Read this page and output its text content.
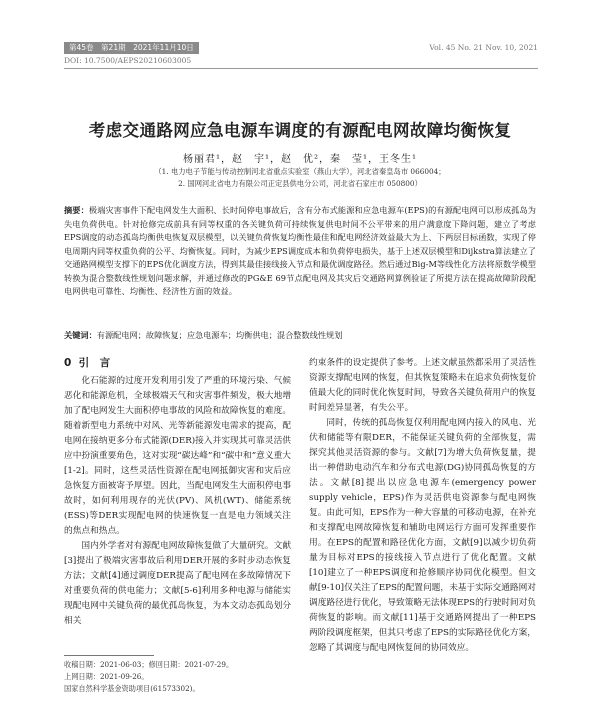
第45卷　第21期　2021年11月10日	Vol. 45 No. 21 Nov. 10, 2021
DOI: 10.7500/AEPS20210603005
考虑交通路网应急电源车调度的有源配电网故障均衡恢复
杨丽君¹，赵　宇¹，赵　优²，秦　莹¹，王冬生¹
（1. 电力电子节能与传动控制河北省重点实验室（燕山大学），河北省秦皇岛市 066004；
2. 国网河北省电力有限公司正定县供电分公司，河北省石家庄市 050800）
摘要：极端灾害事件下配电网发生大面积、长时间停电事故后，含有分布式能源和应急电源车(EPS)的有源配电网可以形成孤岛为失电负荷供电。针对抢修完成前具有同等权重的各关键负荷可持续恢复供电时间不公平带来的用户满意度下降问题，建立了考虑EPS调度的动态孤岛均衡供电恢复双层模型，以关键负荷恢复均衡性最佳和配电网经济效益最大为上、下两层目标函数，实现了停电周期内同等权重负荷的公平、均衡恢复。同时，为减少EPS调度成本和负荷停电损失，基于上述双层模型和Dijkstra算法建立了交通路网模型支撑下的EPS优化调度方法，得到其最佳接线接入节点和最优调度路径。然后通过Big-M等线性化方法将原数学模型转换为混合整数线性规划问题求解，并通过修改的PG&E 69节点配电网及其灾后交通路网算例验证了所提方法在提高故障阶段配电网供电可靠性、均衡性、经济性方面的效益。
关键词：有源配电网；故障恢复；应急电源车；均衡供电；混合整数线性规划
0 引　言

化石能源的过度开发利用引发了严重的环境污染、气候恶化和能源危机，全球极端天气和灾害事件频发，极大地增加了配电网发生大面积停电事故的风险和故障恢复的难度。随着新型电力系统中对风、光等新能源发电需求的提高，配电网在接纳更多分布式能源(DER)接入并实现其可靠灵活供应中扮演重要角色，这对实现“碳达峰”和“碳中和”意义重大[1-2]。同时，这些灵活性资源在配电网抵御灾害和灾后应急恢复方面被寄予厚望。因此，当配电网发生大面积停电事故时，如何利用现存的光伏(PV)、风机(WT)、储能系统(ESS)等DER实现配电网的快速恢复一直是电力领域关注的焦点和热点。

国内外学者对有源配电网故障恢复做了大量研究。文献[3]提出了极端灾害事故后利用DER开展的多时步动态恢复方法；文献[4]通过调度DER提高了配电网在多故障情况下对重要负荷的供电能力；文献[5-6]利用多种电源与储能实现配电网中关键负荷的最优孤岛恢复，为本文动态孤岛划分相关

约束条件的设定提供了参考。上述文献虽然都采用了灵活性资源支撑配电网的恢复，但其恢复策略未在追求负荷恢复价值最大化的同时优化恢复时间，导致各关键负荷用户的恢复时间差异显著，有失公平。

同时，传统的孤岛恢复仅利用配电网内接入的风电、光伏和储能等有限DER，不能保证关键负荷的全部恢复，需探究其他灵活资源的参与。文献[7]为增大负荷恢复量，提出一种借助电动汽车和分布式电源(DG)协同孤岛恢复的方法。文献[8]提出以应急电源车(emergency power supply vehicle，EPS)作为灵活供电资源参与配电网恢复。由此可知，EPS作为一种大容量的可移动电源，在补充和支撑配电网故障恢复和辅助电网运行方面可发挥重要作用。在EPS的配置和路径优化方面，文献[9]以减少切负荷量为目标对EPS的接线接入节点进行了优化配置。文献[10]建立了一种EPS调度和抢修顺序协同优化模型。但文献[9-10]仅关注了EPS的配置问题，未基于实际交通路网对调度路径进行优化，导致策略无法体现EPS的行驶时间对负荷恢复的影响。而文献[11]基于交通路网提出了一种EPS两阶段调度框架，但其只考虑了EPS的实际路径优化方案，忽略了其调度与配电网恢复间的协同效应。

收稿日期：2021-06-03；修回日期：2021-07-29。
上网日期：2021-09-26。
国家自然科学基金资助项目(61573302)。
